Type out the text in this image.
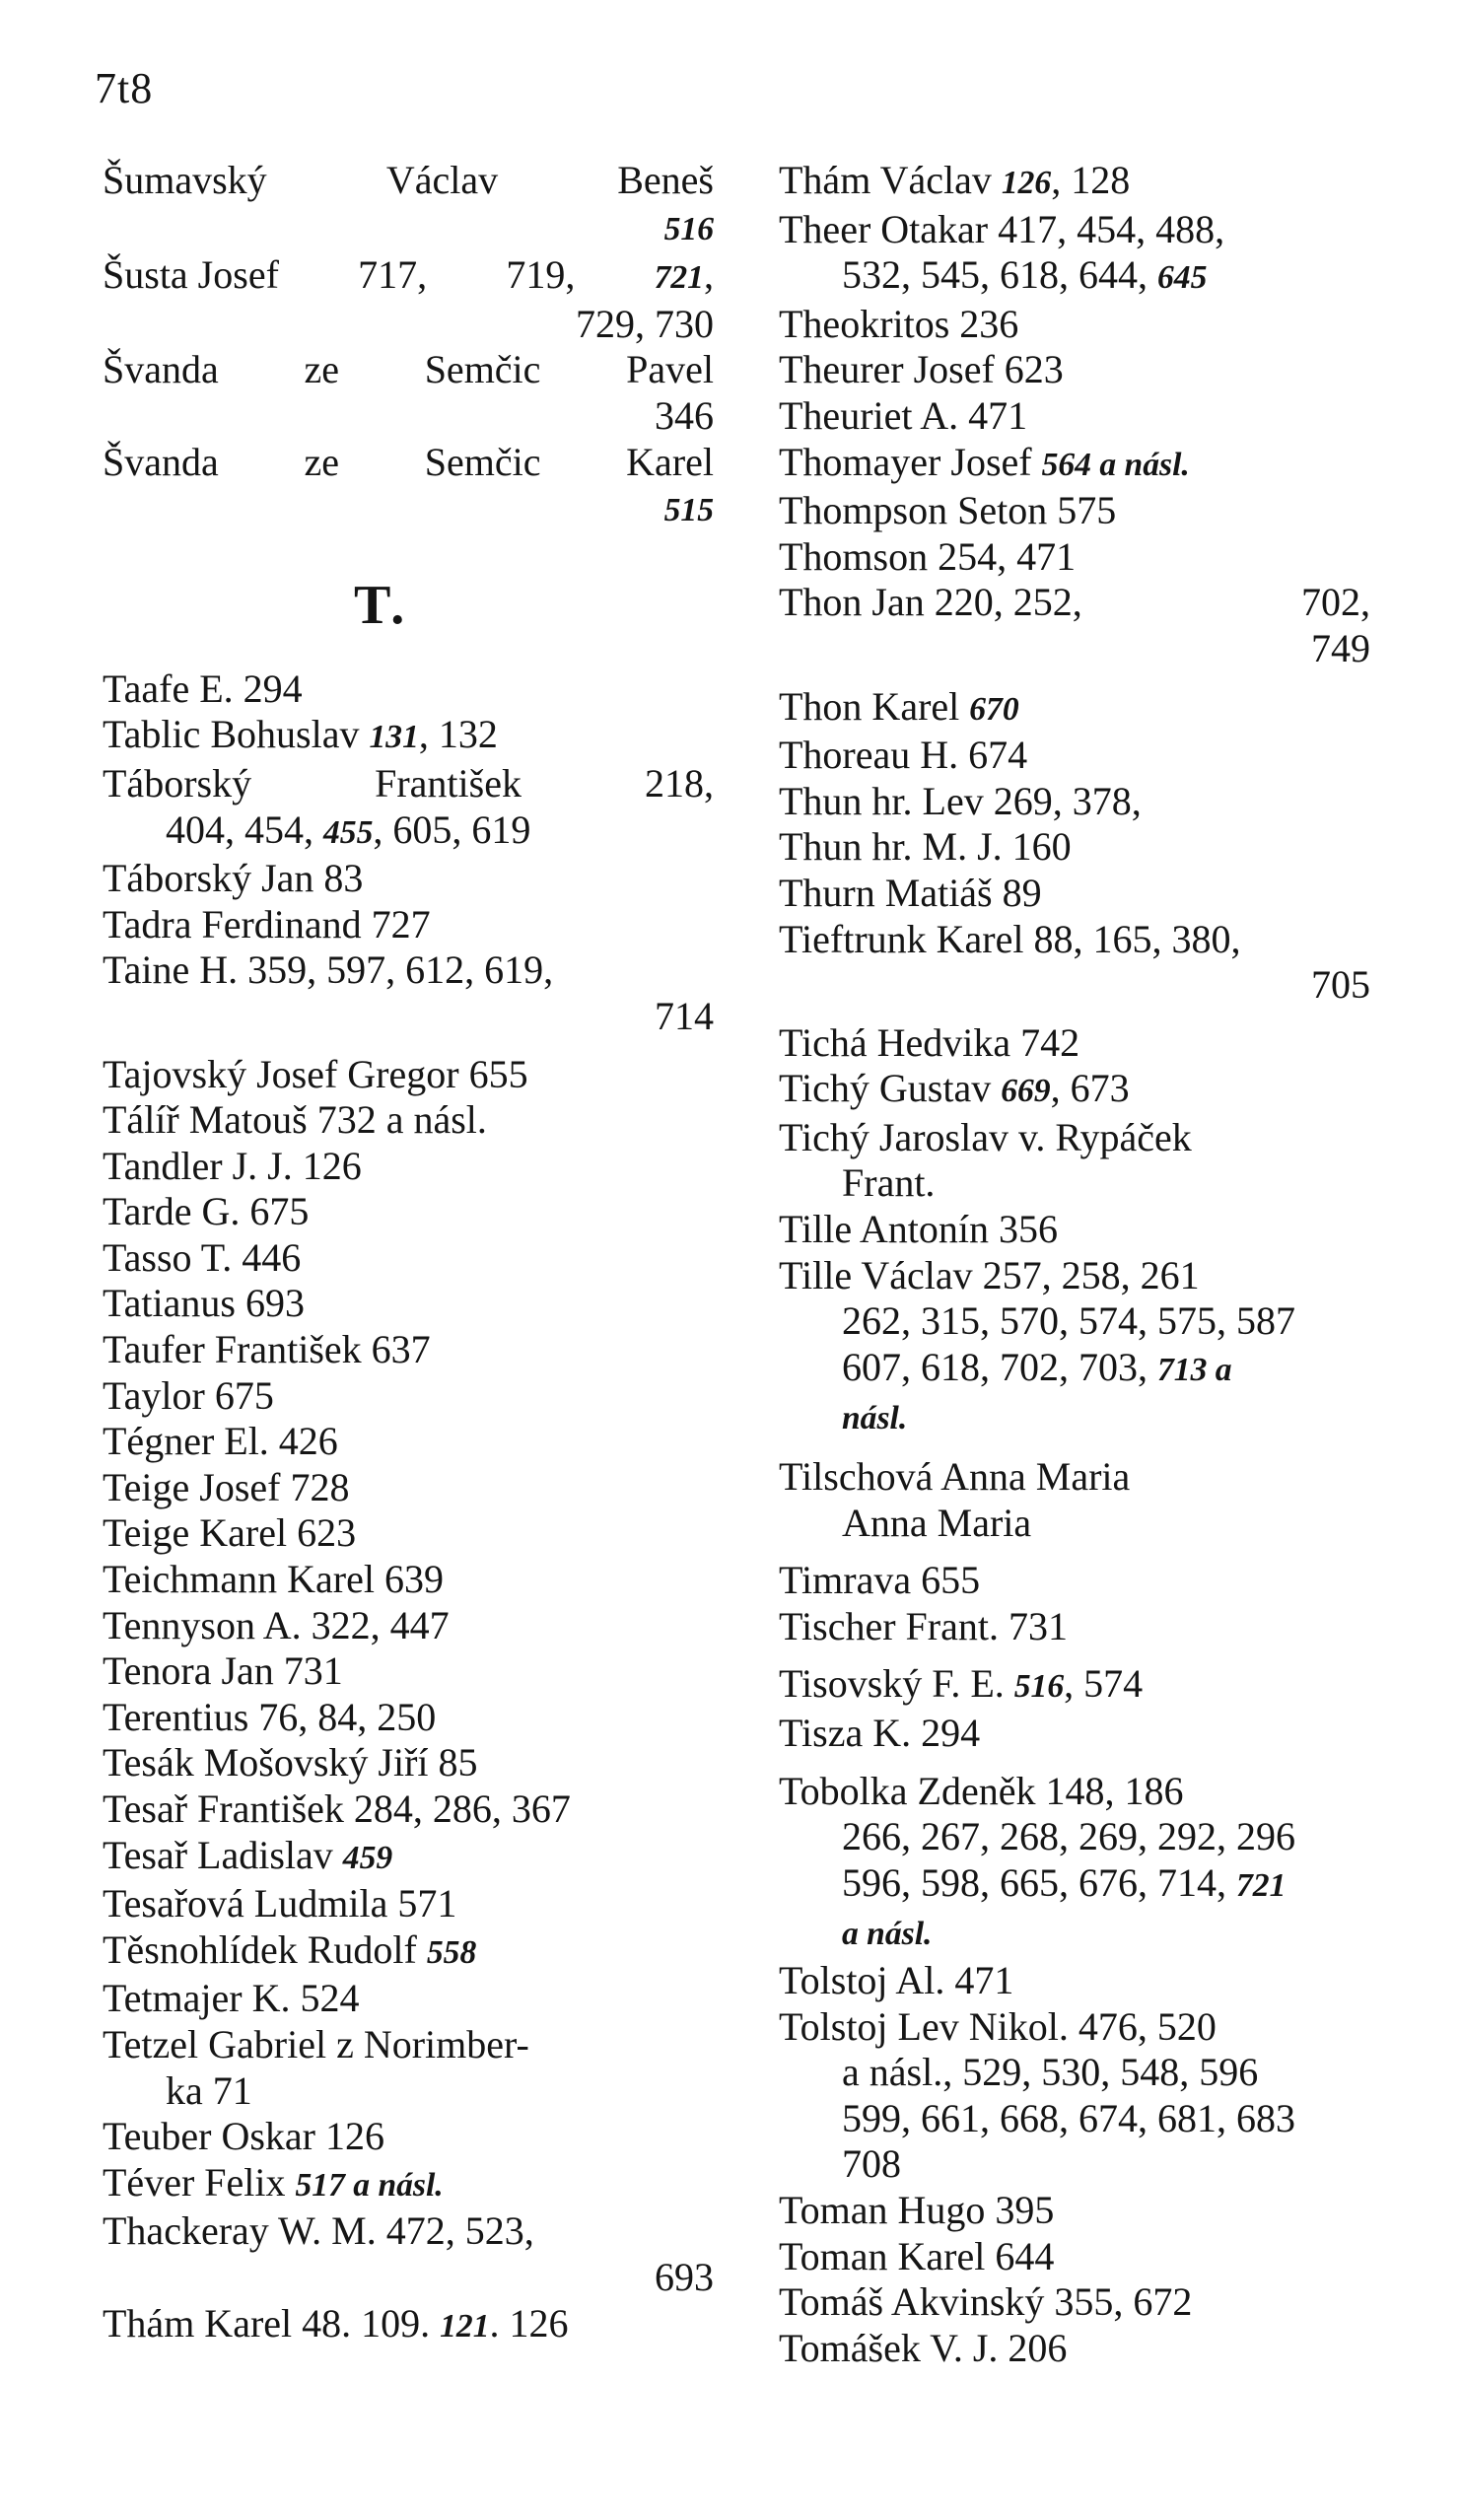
7t8
Šumavský	Václav	Beneš
516
Šusta Josef 717, 719, 721,
729, 730
Švanda ze Semčic Pavel
346
Švanda ze Semčic Karel
515
T.
Taafe E. 294
Tablic Bohuslav 131, 132
Táborský	František	218,
404, 454, 455, 605, 619
Táborský Jan 83
Tadra Ferdinand 727
Taine H. 359, 597, 612, 619,
714
Tajovský Josef Gregor 655
Tálíř Matouš 732 a násl.
Tandler J. J. 126
Tarde G. 675
Tasso T. 446
Tatianus 693
Taufer František 637
Taylor 675
Tégner El. 426
Teige Josef 728
Teige Karel 623
Teichmann Karel 639
Tennyson A. 322, 447
Tenora Jan 731
Terentius 76, 84, 250
Tesák Mošovský Jiří 85
Tesař František 284, 286, 367
Tesař Ladislav 459
Tesařová Ludmila 571
Těsnohlídek Rudolf 558
Tetmajer K. 524
Tetzel Gabriel z Norimber-
ka 71
Teuber Oskar 126
Téver Felix 517 a násl.
Thackeray W. M. 472, 523,
693
Thám Karel 48. 109. 121. 126
Thám Václav 126, 128
Theer Otakar 417, 454, 488,
532, 545, 618, 644, 645
Theokritos 236
Theurer Josef 623
Theuriet A. 471
Thomayer Josef 564 a násl.
Thompson Seton 575
Thomson 254, 471
Thon Jan 220, 252,	702,
749
Thon Karel 670
Thoreau H. 674
Thun hr. Lev 269, 378,
Thun hr. M. J. 160
Thurn Matiáš 89
Tieftrunk Karel 88, 165, 380,
705
Tichá Hedvika 742
Tichý Gustav 669, 673
Tichý Jaroslav v. Rypáček
Frant.
Tille Antonín 356
Tille Václav 257, 258, 261
262, 315, 570, 574, 575, 587
607, 618, 702, 703, 713 a
násl.
Tilschová Anna Maria
Anna Maria
Timrava 655
Tischer Frant. 731
Tisovský F. E. 516, 574
Tisza K. 294
Tobolka Zdeněk 148, 186
266, 267, 268, 269, 292, 296
596, 598, 665, 676, 714, 721
a násl.
Tolstoj Al. 471
Tolstoj Lev Nikol. 476, 520
a násl., 529, 530, 548, 596
599, 661, 668, 674, 681, 683
708
Toman Hugo 395
Toman Karel 644
Tomáš Akvinský 355, 672
Tomášek V. J. 206
